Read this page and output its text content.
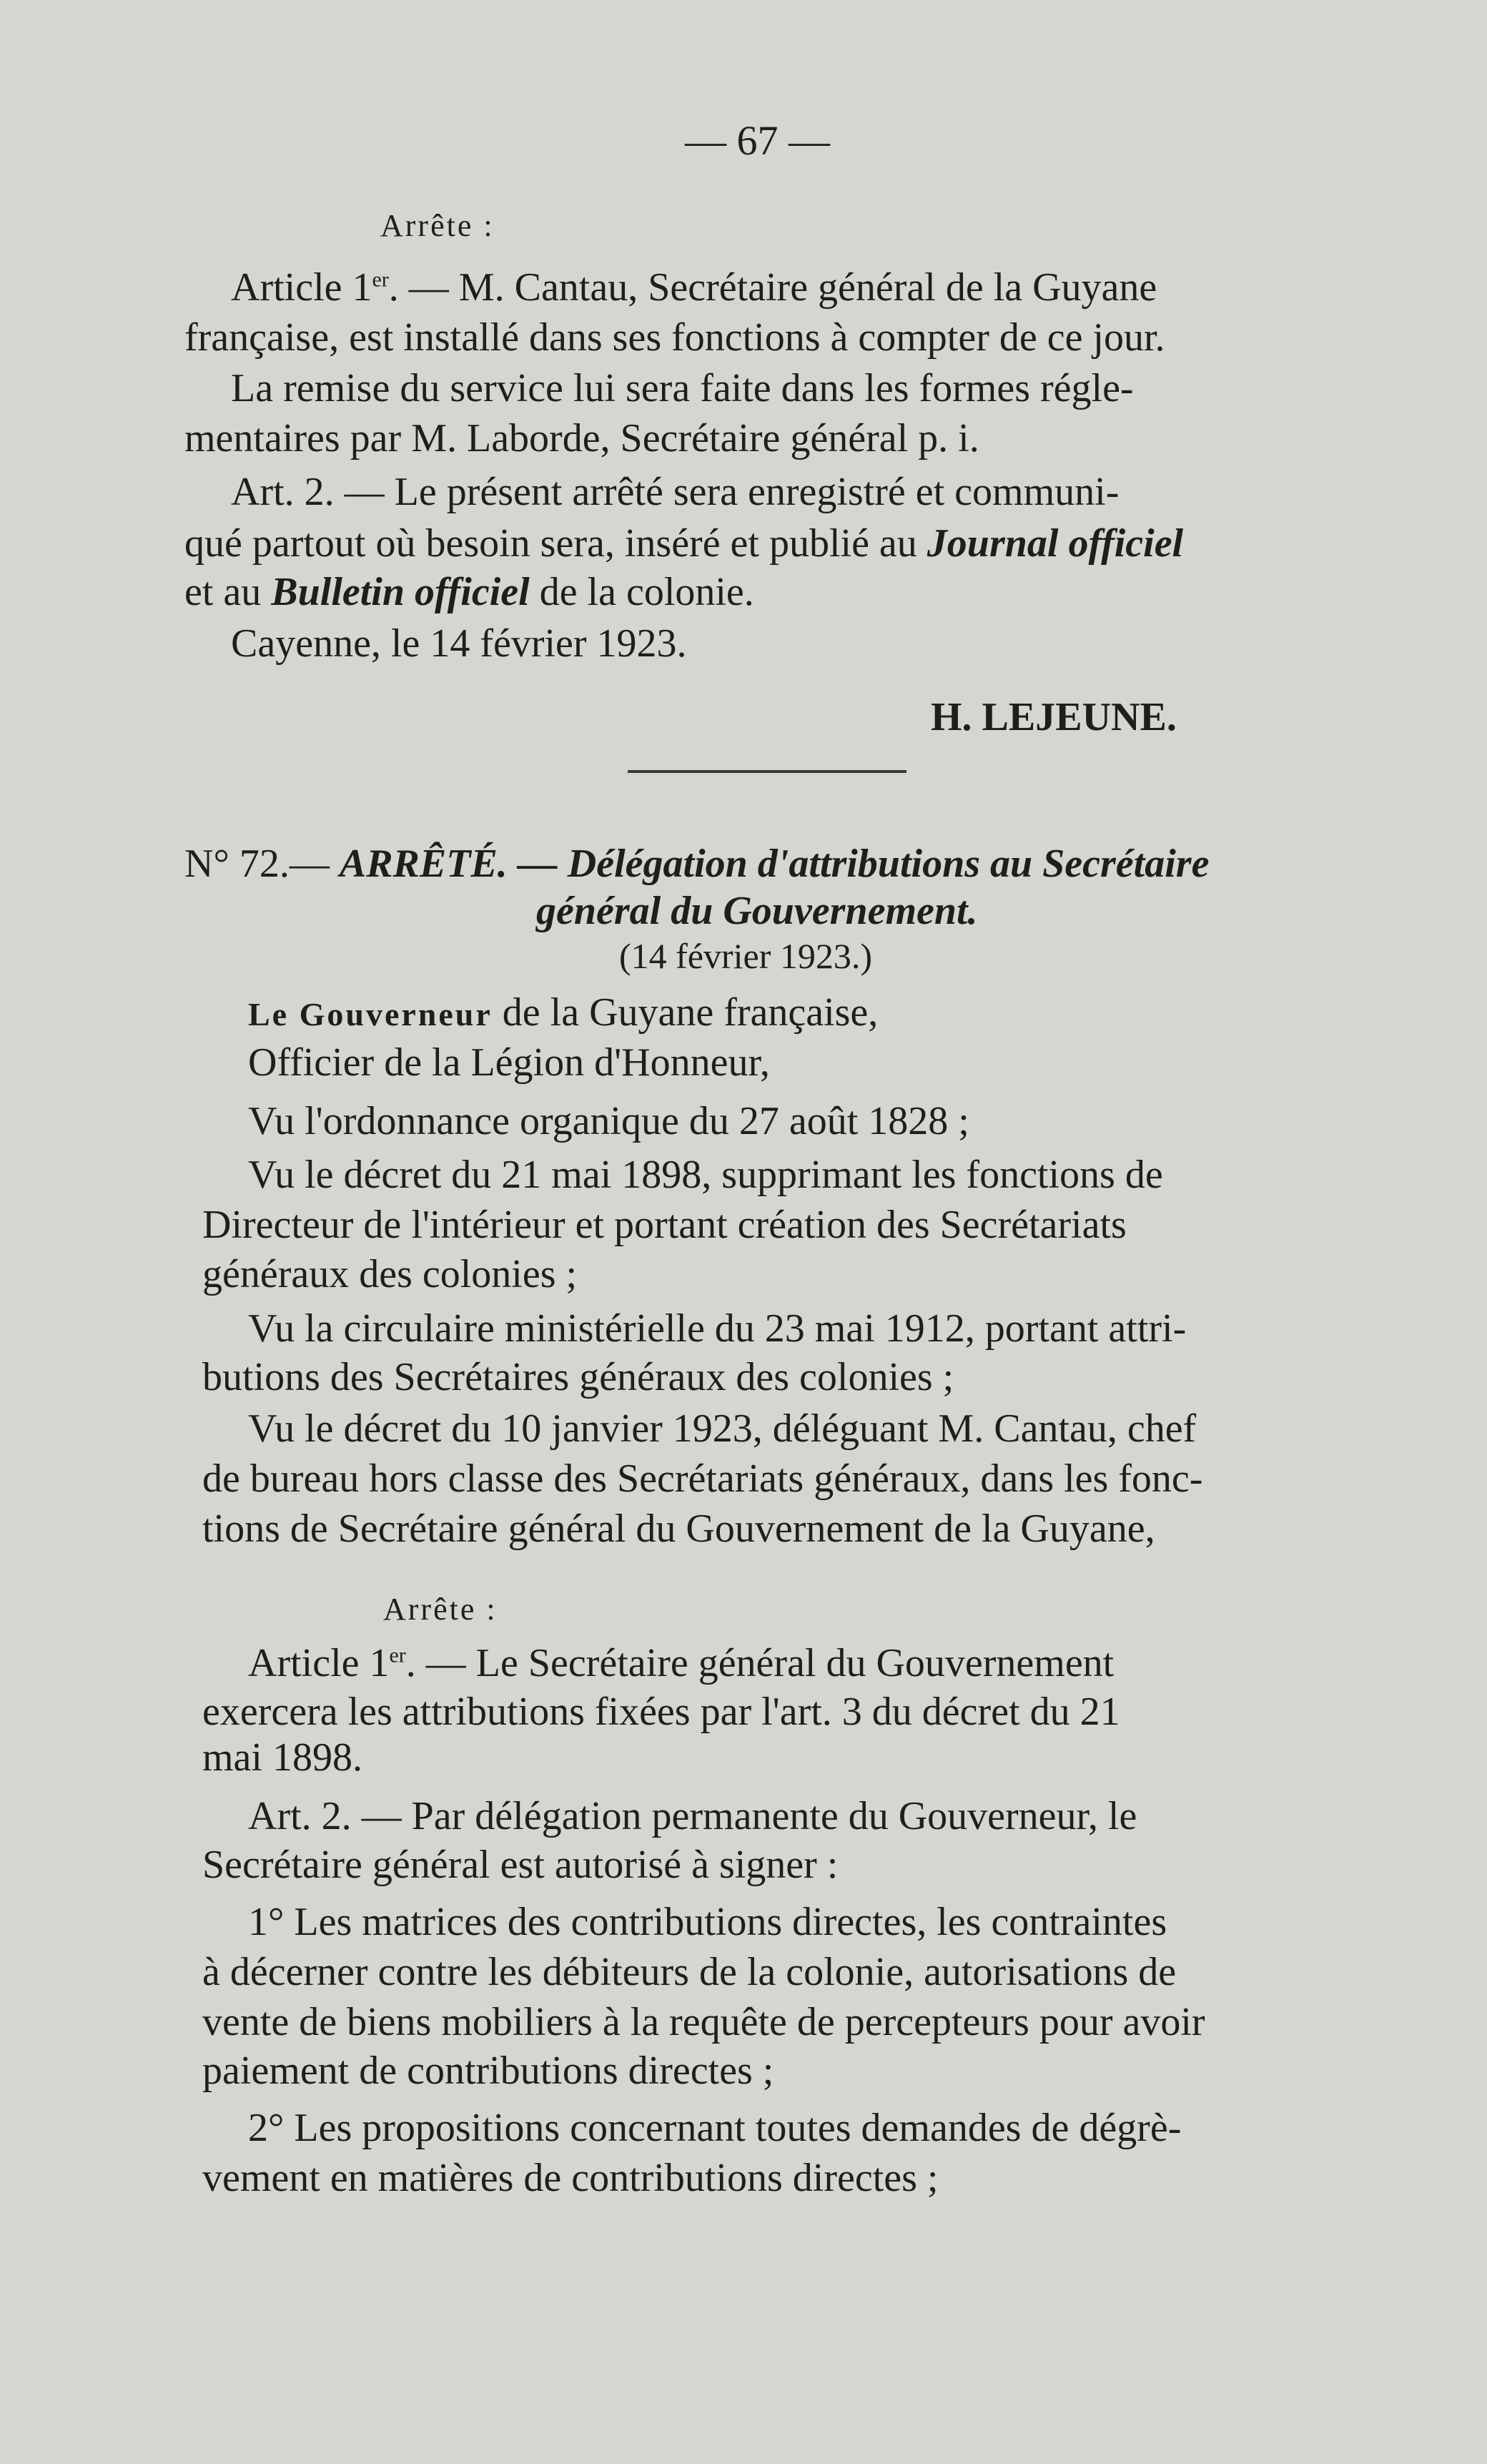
— 67 —
Arrête :
Article 1er. — M. Cantau, Secrétaire général de la Guyane
française, est installé dans ses fonctions à compter de ce jour.
La remise du service lui sera faite dans les formes régle-
mentaires par M. Laborde, Secrétaire général p. i.
Art. 2. — Le présent arrêté sera enregistré et communi-
qué partout où besoin sera, inséré et publié au Journal officiel
et au Bulletin officiel de la colonie.
Cayenne, le 14 février 1923.
H. LEJEUNE.
N° 72.— ARRÊTÉ. — Délégation d'attributions au Secrétaire
général du Gouvernement.
(14 février 1923.)
Le Gouverneur de la Guyane française,
Officier de la Légion d'Honneur,
Vu l'ordonnance organique du 27 août 1828 ;
Vu le décret du 21 mai 1898, supprimant les fonctions de
Directeur de l'intérieur et portant création des Secrétariats
généraux des colonies ;
Vu la circulaire ministérielle du 23 mai 1912, portant attri-
butions des Secrétaires généraux des colonies ;
Vu le décret du 10 janvier 1923, déléguant M. Cantau, chef
de bureau hors classe des Secrétariats généraux, dans les fonc-
tions de Secrétaire général du Gouvernement de la Guyane,
Arrête :
Article 1er. — Le Secrétaire général du Gouvernement
exercera les attributions fixées par l'art. 3 du décret du 21
mai 1898.
Art. 2. — Par délégation permanente du Gouverneur, le
Secrétaire général est autorisé à signer :
1° Les matrices des contributions directes, les contraintes
à décerner contre les débiteurs de la colonie, autorisations de
vente de biens mobiliers à la requête de percepteurs pour avoir
paiement de contributions directes ;
2° Les propositions concernant toutes demandes de dégrè-
vement en matières de contributions directes ;
